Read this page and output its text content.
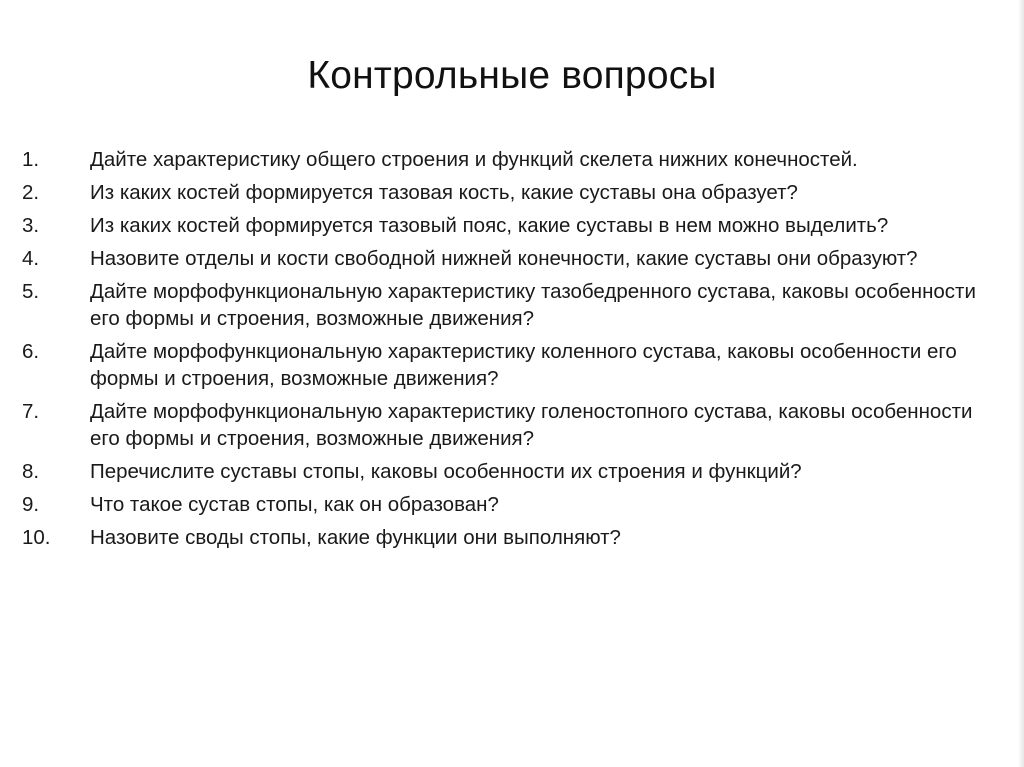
Контрольные вопросы
1.	Дайте характеристику общего строения и функций скелета нижних конечностей.
2.	Из каких костей формируется тазовая кость, какие суставы она образует?
3.	Из каких костей формируется тазовый пояс, какие суставы в нем можно выделить?
4.	Назовите отделы и кости свободной нижней конечности, какие суставы они образуют?
5.	Дайте морфофункциональную характеристику тазобедренного сустава, каковы особенности его формы и строения, возможные движения?
6.	Дайте морфофункциональную характеристику коленного сустава, каковы особенности его формы и строения, возможные движения?
7.	Дайте морфофункциональную характеристику голеностопного сустава, каковы особенности его формы и строения, возможные движения?
8.	Перечислите суставы стопы, каковы особенности их строения и функций?
9.	Что такое сустав стопы, как он образован?
10.	Назовите своды стопы, какие функции они выполняют?
